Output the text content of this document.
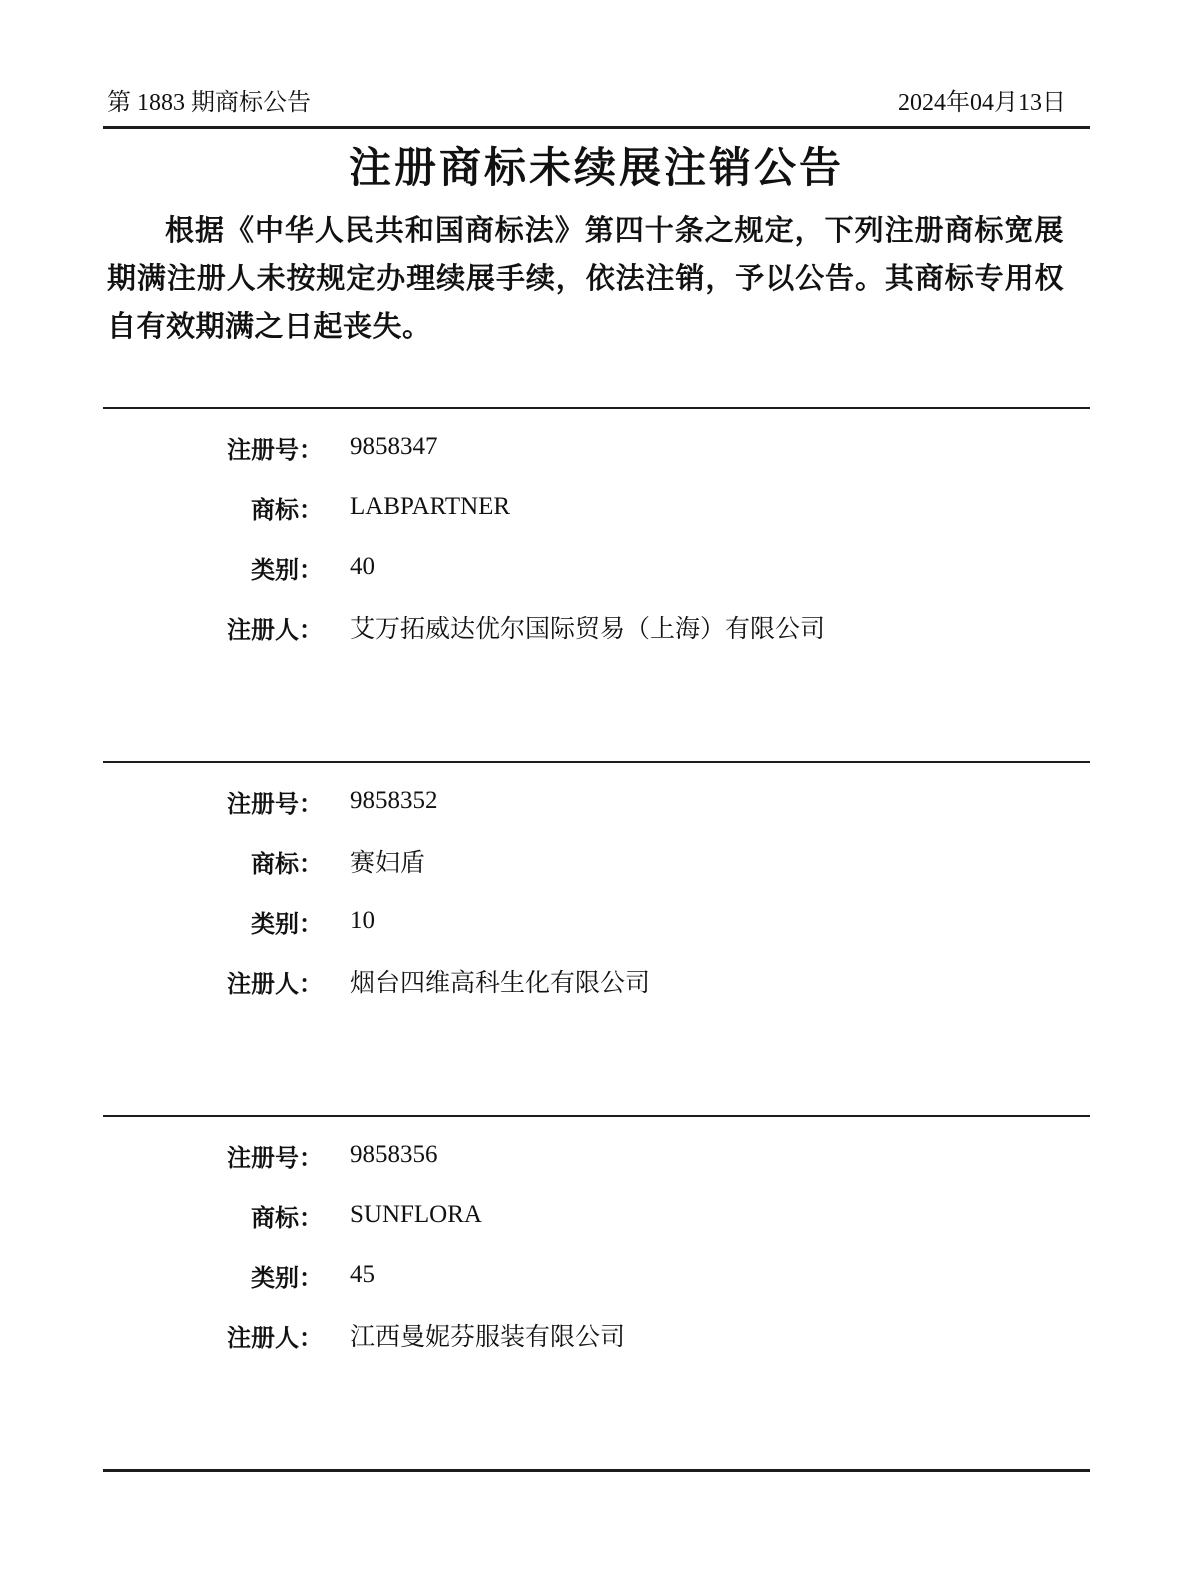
第 1883 期商标公告	2024年04月13日
注册商标未续展注销公告

根据《中华人民共和国商标法》第四十条之规定，下列注册商标宽展期满注册人未按规定办理续展手续，依法注销，予以公告。其商标专用权自有效期满之日起丧失。

注册号： 9858347
商标： LABPARTNER
类别： 40
注册人： 艾万拓威达优尔国际贸易（上海）有限公司
注册号： 9858352
商标： 赛妇盾
类别： 10
注册人： 烟台四维高科生化有限公司
注册号： 9858356
商标： SUNFLORA
类别： 45
注册人： 江西曼妮芬服装有限公司
